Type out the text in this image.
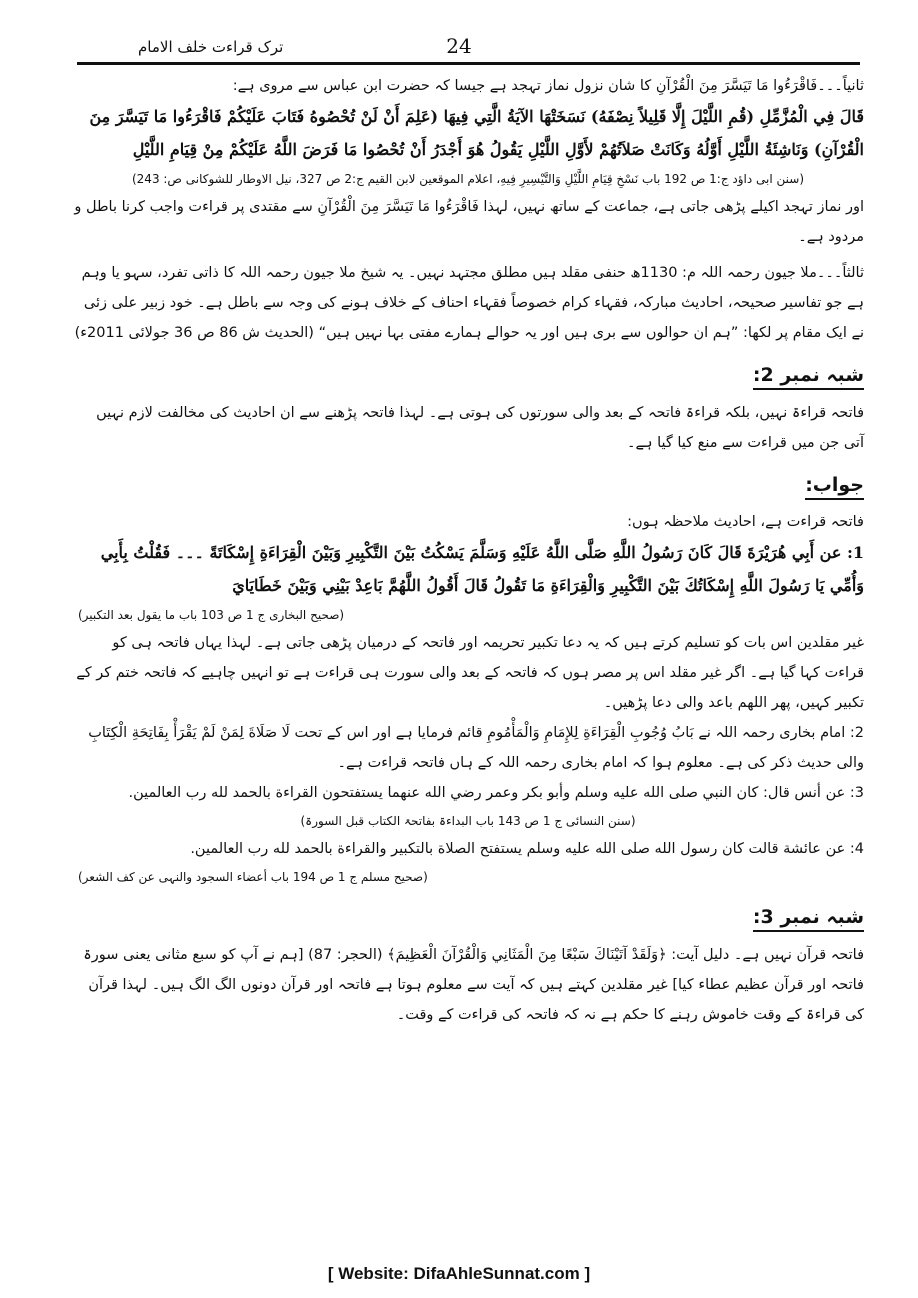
24
ترک قراءت خلف الامام

ثانیاً۔۔۔فَاقْرَءُوا مَا تَيَسَّرَ مِنَ الْقُرْآنِ کا شان نزول نماز تہجد ہے جیسا کہ حضرت ابن عباس سے مروی ہے:

قَالَ فِي الْمُزَّمِّلِ (قُمِ اللَّيْلَ إِلَّا قَلِيلاً نِصْفَهُ) نَسَخَتْهَا الآيَةُ الَّتِي فِيهَا (عَلِمَ أَنْ لَنْ تُحْصُوهُ فَتَابَ عَلَيْكُمْ فَاقْرَءُوا مَا تَيَسَّرَ مِنَ الْقُرْآنِ) وَنَاشِئَةُ اللَّيْلِ أَوَّلُهُ وَكَانَتْ صَلاَتُهُمْ لأَوَّلِ اللَّيْلِ يَقُولُ هُوَ أَجْدَرُ أَنْ تُحْصُوا مَا فَرَضَ اللَّهُ عَلَيْكُمْ مِنْ قِيَامِ اللَّيْلِ

(سنن ابی داؤد ج:1 ص 192 باب نَسْخِ قِيَامِ اللَّيْلِ وَالتَّيْسِيرِ فِيهِ، اعلام الموقعین لابن القیم ج:2 ص 327، نیل الاوطار للشوکانی ص: 243)

اور نماز تہجد اکیلے پڑھی جاتی ہے، جماعت کے ساتھ نہیں، لہذا فَاقْرَءُوا مَا تَيَسَّرَ مِنَ الْقُرْآنِ سے مقتدی پر قراءت واجب کرنا باطل و مردود ہے۔

ثالثاً۔۔۔ملا جیون رحمہ اللہ م: 1130ھ حنفی مقلد ہیں مطلق مجتہد نہیں۔ یہ شیخ ملا جیون رحمہ اللہ کا ذاتی تفرد، سہو یا وہم ہے جو تفاسیر صحیحہ، احادیث مبارکہ، فقہاء کرام خصوصاً فقہاء احناف کے خلاف ہونے کی وجہ سے باطل ہے۔ خود زبیر علی زئی نے ایک مقام پر لکھا: ”ہم ان حوالوں سے بری ہیں اور یہ حوالے ہمارے مفتی بہا نہیں ہیں“ (الحدیث ش 86 ص 36 جولائی 2011ء)

شبہ نمبر 2:

فاتحہ قراءۃ نہیں، بلکہ قراءۃ فاتحہ کے بعد والی سورتوں کی ہوتی ہے۔ لہذا فاتحہ پڑھنے سے ان احادیث کی مخالفت لازم نہیں آتی جن میں قراءت سے منع کیا گیا ہے۔

جواب:

فاتحہ قراءت ہے، احادیث ملاحظہ ہوں:

1: عن أَبِي هُرَيْرَةَ قَالَ كَانَ رَسُولُ اللَّهِ صَلَّى اللَّهُ عَلَيْهِ وَسَلَّمَ يَسْكُتُ بَيْنَ التَّكْبِيرِ وَبَيْنَ الْقِرَاءَةِ إِسْكَاتَةً ۔۔۔ فَقُلْتُ بِأَبِي وَأُمِّي يَا رَسُولَ اللَّهِ إِسْكَاتُكَ بَيْنَ التَّكْبِيرِ وَالْقِرَاءَةِ مَا تَقُولُ قَالَ أَقُولُ اللَّهُمَّ بَاعِدْ بَيْنِي وَبَيْنَ خَطَايَايَ

(صحیح البخاری ج 1 ص 103 باب ما یقول بعد التکبیر)

غیر مقلدین اس بات کو تسلیم کرتے ہیں کہ یہ دعا تکبیر تحریمہ اور فاتحہ کے درمیان پڑھی جاتی ہے۔ لہذا یہاں فاتحہ ہی کو قراءت کہا گیا ہے۔ اگر غیر مقلد اس پر مصر ہوں کہ فاتحہ کے بعد والی سورت ہی قراءت ہے تو انہیں چاہیے کہ فاتحہ ختم کر کے تکبیر کہیں، پھر اللھم باعد والی دعا پڑھیں۔

2: امام بخاری رحمہ اللہ نے بَابُ وُجُوبِ الْقِرَاءَةِ لِلإِمَامِ وَالْمَأْمُومِ قائم فرمایا ہے اور اس کے تحت لَا صَلَاةَ لِمَنْ لَمْ يَقْرَأْ بِفَاتِحَةِ الْكِتَابِ والی حدیث ذکر کی ہے۔ معلوم ہوا کہ امام بخاری رحمہ اللہ کے ہاں فاتحہ قراءت ہے۔

3: عن أنس قال: كان النبي صلى الله عليه وسلم وأبو بكر وعمر رضي الله عنهما يستفتحون القراءة بالحمد لله رب العالمين.

(سنن النسائی ج 1 ص 143 باب البداءۃ بفاتحۃ الکتاب قبل السورۃ)

4: عن عائشة قالت كان رسول الله صلى الله عليه وسلم يستفتح الصلاة بالتكبير والقراءة بالحمد لله رب العالمين.

(صحیح مسلم ج 1 ص 194 باب أعضاء السجود والنہی عن کف الشعر)

شبہ نمبر 3:

فاتحہ قرآن نہیں ہے۔ دلیل آیت: ﴿وَلَقَدْ آتَيْنَاكَ سَبْعًا مِنَ الْمَثَانِي وَالْقُرْآنَ الْعَظِيمَ﴾ (الحجر: 87) [ہم نے آپ کو سبع مثانی یعنی سورۃ فاتحہ اور قرآن عظیم عطاء کیا] غیر مقلدین کہتے ہیں کہ آیت سے معلوم ہوتا ہے فاتحہ اور قرآن دونوں الگ الگ ہیں۔ لہذا قرآن کی قراءۃ کے وقت خاموش رہنے کا حکم ہے نہ کہ فاتحہ کی قراءت کے وقت۔

[ Website: DifaAhleSunnat.com ]
